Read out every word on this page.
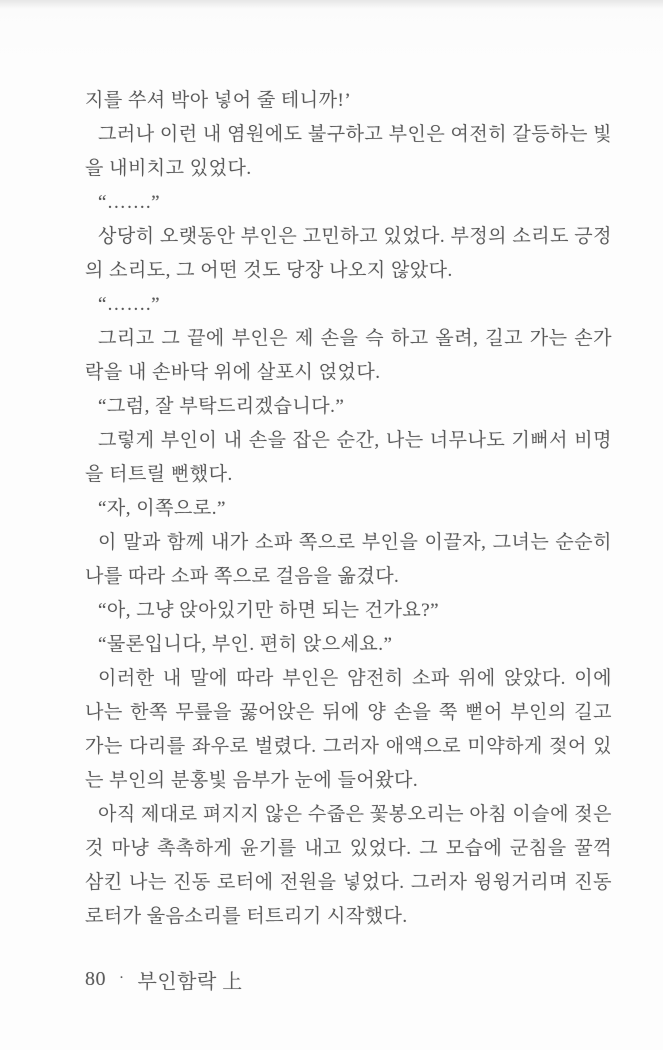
지를 쑤셔 박아 넣어 줄 테니까!’
그러나 이런 내 염원에도 불구하고 부인은 여전히 갈등하는 빛
을 내비치고 있었다.
“…….”
상당히 오랫동안 부인은 고민하고 있었다. 부정의 소리도 긍정
의 소리도, 그 어떤 것도 당장 나오지 않았다.
“…….”
그리고 그 끝에 부인은 제 손을 슥 하고 올려, 길고 가는 손가
락을 내 손바닥 위에 살포시 얹었다.
“그럼, 잘 부탁드리겠습니다.”
그렇게 부인이 내 손을 잡은 순간, 나는 너무나도 기뻐서 비명
을 터트릴 뻔했다.
“자, 이쪽으로.”
이 말과 함께 내가 소파 쪽으로 부인을 이끌자, 그녀는 순순히
나를 따라 소파 쪽으로 걸음을 옮겼다.
“아, 그냥 앉아있기만 하면 되는 건가요?”
“물론입니다, 부인. 편히 앉으세요.”
이러한 내 말에 따라 부인은 얌전히 소파 위에 앉았다. 이에
나는 한쪽 무릎을 꿇어앉은 뒤에 양 손을 쭉 뻗어 부인의 길고
가는 다리를 좌우로 벌렸다. 그러자 애액으로 미약하게 젖어 있
는 부인의 분홍빛 음부가 눈에 들어왔다.
아직 제대로 펴지지 않은 수줍은 꽃봉오리는 아침 이슬에 젖은
것 마냥 촉촉하게 윤기를 내고 있었다. 그 모습에 군침을 꿀꺽
삼킨 나는 진동 로터에 전원을 넣었다. 그러자 윙윙거리며 진동
로터가 울음소리를 터트리기 시작했다.
80 · 부인함락 上
